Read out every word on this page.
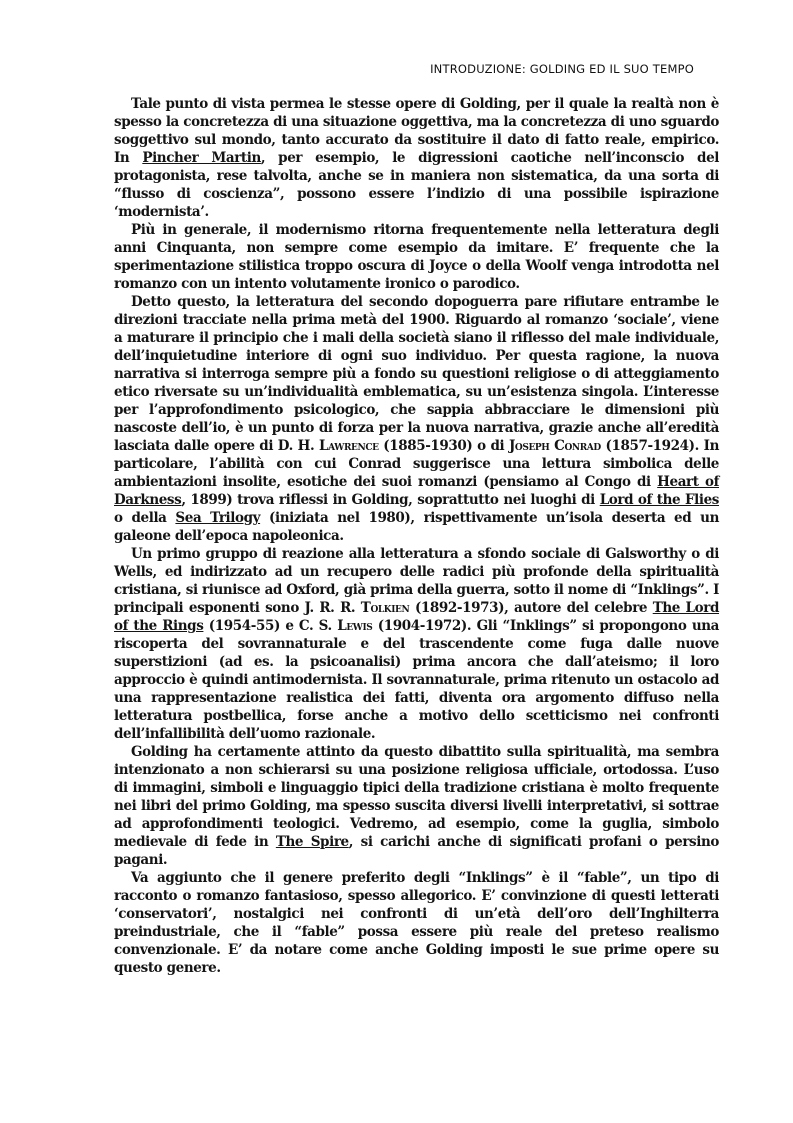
INTRODUZIONE: GOLDING ED IL SUO TEMPO

Tale punto di vista permea le stesse opere di Golding, per il quale la realtà non è spesso la concretezza di una situazione oggettiva, ma la concretezza di uno sguardo soggettivo sul mondo, tanto accurato da sostituire il dato di fatto reale, empirico. In Pincher Martin, per esempio, le digressioni caotiche nell’inconscio del protagonista, rese talvolta, anche se in maniera non sistematica, da una sorta di “flusso di coscienza”, possono essere l’indizio di una possibile ispirazione ‘modernista’.

Più in generale, il modernismo ritorna frequentemente nella letteratura degli anni Cinquanta, non sempre come esempio da imitare. E’ frequente che la sperimentazione stilistica troppo oscura di Joyce o della Woolf venga introdotta nel romanzo con un intento volutamente ironico o parodico.

Detto questo, la letteratura del secondo dopoguerra pare rifiutare entrambe le direzioni tracciate nella prima metà del 1900. Riguardo al romanzo ‘sociale’, viene a maturare il principio che i mali della società siano il riflesso del male individuale, dell’inquietudine interiore di ogni suo individuo. Per questa ragione, la nuova narrativa si interroga sempre più a fondo su questioni religiose o di atteggiamento etico riversate su un’individualità emblematica, su un’esistenza singola. L’interesse per l’approfondimento psicologico, che sappia abbracciare le dimensioni più nascoste dell’io, è un punto di forza per la nuova narrativa, grazie anche all’eredità lasciata dalle opere di D. H. Lawrence (1885-1930) o di Joseph Conrad (1857-1924). In particolare, l’abilità con cui Conrad suggerisce una lettura simbolica delle ambientazioni insolite, esotiche dei suoi romanzi (pensiamo al Congo di Heart of Darkness, 1899) trova riflessi in Golding, soprattutto nei luoghi di Lord of the Flies o della Sea Trilogy (iniziata nel 1980), rispettivamente un’isola deserta ed un galeone dell’epoca napoleonica.

Un primo gruppo di reazione alla letteratura a sfondo sociale di Galsworthy o di Wells, ed indirizzato ad un recupero delle radici più profonde della spiritualità cristiana, si riunisce ad Oxford, già prima della guerra, sotto il nome di “Inklings”. I principali esponenti sono J. R. R. Tolkien (1892-1973), autore del celebre The Lord of the Rings (1954-55) e C. S. Lewis (1904-1972). Gli “Inklings” si propongono una riscoperta del sovrannaturale e del trascendente come fuga dalle nuove superstizioni (ad es. la psicoanalisi) prima ancora che dall’ateismo; il loro approccio è quindi antimodernista. Il sovrannaturale, prima ritenuto un ostacolo ad una rappresentazione realistica dei fatti, diventa ora argomento diffuso nella letteratura postbellica, forse anche a motivo dello scetticismo nei confronti dell’infallibilità dell’uomo razionale.

Golding ha certamente attinto da questo dibattito sulla spiritualità, ma sembra intenzionato a non schierarsi su una posizione religiosa ufficiale, ortodossa. L’uso di immagini, simboli e linguaggio tipici della tradizione cristiana è molto frequente nei libri del primo Golding, ma spesso suscita diversi livelli interpretativi, si sottrae ad approfondimenti teologici. Vedremo, ad esempio, come la guglia, simbolo medievale di fede in The Spire, si carichi anche di significati profani o persino pagani.

Va aggiunto che il genere preferito degli “Inklings” è il “fable”, un tipo di racconto o romanzo fantasioso, spesso allegorico. E’ convinzione di questi letterati ‘conservatori’, nostalgici nei confronti di un’età dell’oro dell’Inghilterra preindustriale, che il “fable” possa essere più reale del preteso realismo convenzionale. E’ da notare come anche Golding imposti le sue prime opere su questo genere.
